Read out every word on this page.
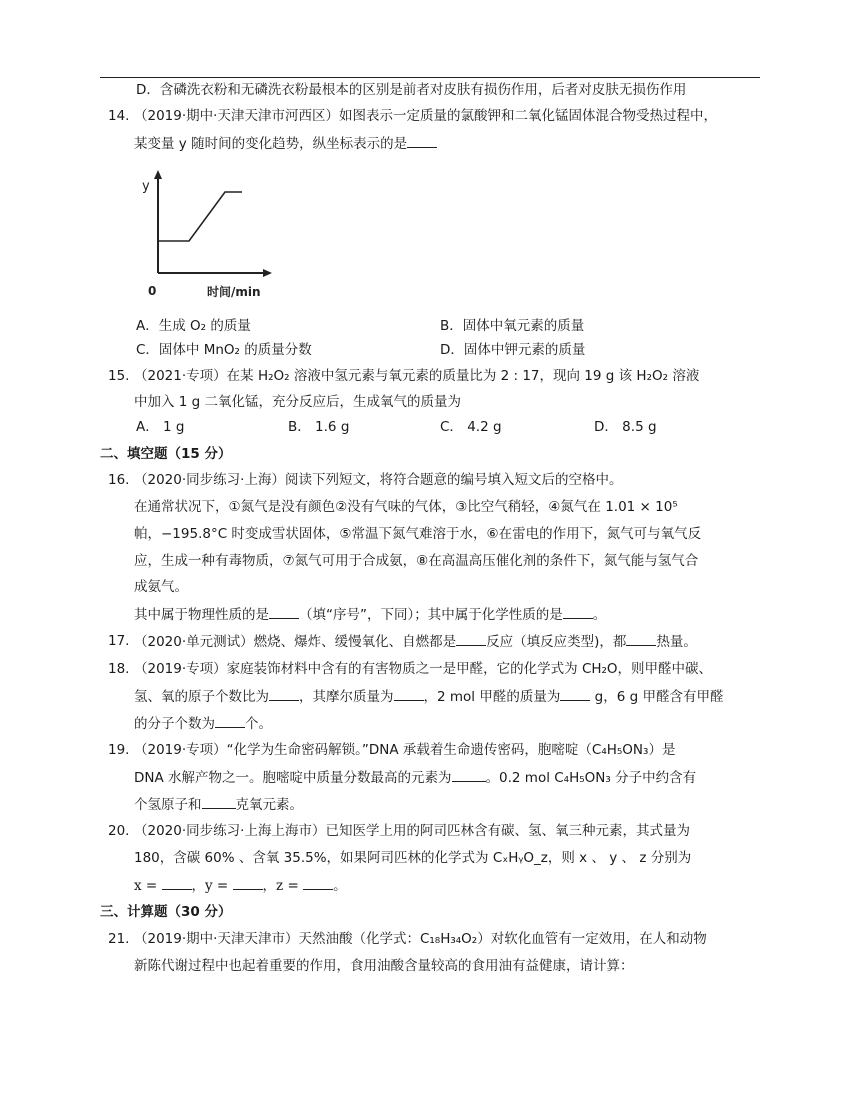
D．含磷洗衣粉和无磷洗衣粉最根本的区别是前者对皮肤有损伤作用，后者对皮肤无损伤作用
14. （2019·期中·天津天津市河西区）如图表示一定质量的氯酸钾和二氧化锰固体混合物受热过程中，
某变量 y 随时间的变化趋势，纵坐标表示的是
y
0	时间/min
A．生成 O₂ 的质量	B．固体中氧元素的质量
C．固体中 MnO₂ 的质量分数	D．固体中钾元素的质量
15. （2021·专项）在某 H₂O₂ 溶液中氢元素与氧元素的质量比为 2 : 17，现向 19 g 该 H₂O₂ 溶液
中加入 1 g 二氧化锰，充分反应后，生成氧气的质量为
A． 1 g	B． 1.6 g	C． 4.2 g	D． 8.5 g
二、填空题（15 分）
16. （2020·同步练习·上海）阅读下列短文，将符合题意的编号填入短文后的空格中。
在通常状况下，①氮气是没有颜色②没有气味的气体，③比空气稍轻，④氮气在 1.01 × 10⁵
帕，−195.8°C 时变成雪状固体，⑤常温下氮气难溶于水，⑥在雷电的作用下，氮气可与氧气反
应，生成一种有毒物质，⑦氮气可用于合成氨，⑧在高温高压催化剂的条件下，氮气能与氢气合
成氨气。
其中属于物理性质的是 （填“序号”，下同）；其中属于化学性质的是 。
17. （2020·单元测试）燃烧、爆炸、缓慢氧化、自燃都是 反应（填反应类型)，都 热量。
18. （2019·专项）家庭装饰材料中含有的有害物质之一是甲醛，它的化学式为 CH₂O，则甲醛中碳、
氢、氧的原子个数比为 ，其摩尔质量为 ，2 mol 甲醛的质量为 g，6 g 甲醛含有甲醛
的分子个数为 个。
19. （2019·专项）“化学为生命密码解锁。”DNA 承载着生命遗传密码，胞嘧啶（C₄H₅ON₃）是
DNA 水解产物之一。胞嘧啶中质量分数最高的元素为	。0.2 mol C₄H₅ON₃ 分子中约含有
个氢原子和	克氧元素。
20. （2020·同步练习·上海上海市）已知医学上用的阿司匹林含有碳、氢、氧三种元素，其式量为
180，含碳 60% 、含氧 35.5%，如果阿司匹林的化学式为 CₓHᵧO_z，则 x 、 y 、 z 分别为
x = ，y = ，z = 。
三、计算题（30 分）
21. （2019·期中·天津天津市）天然油酸（化学式：C₁₈H₃₄O₂）对软化血管有一定效用，在人和动物
新陈代谢过程中也起着重要的作用，食用油酸含量较高的食用油有益健康，请计算：
